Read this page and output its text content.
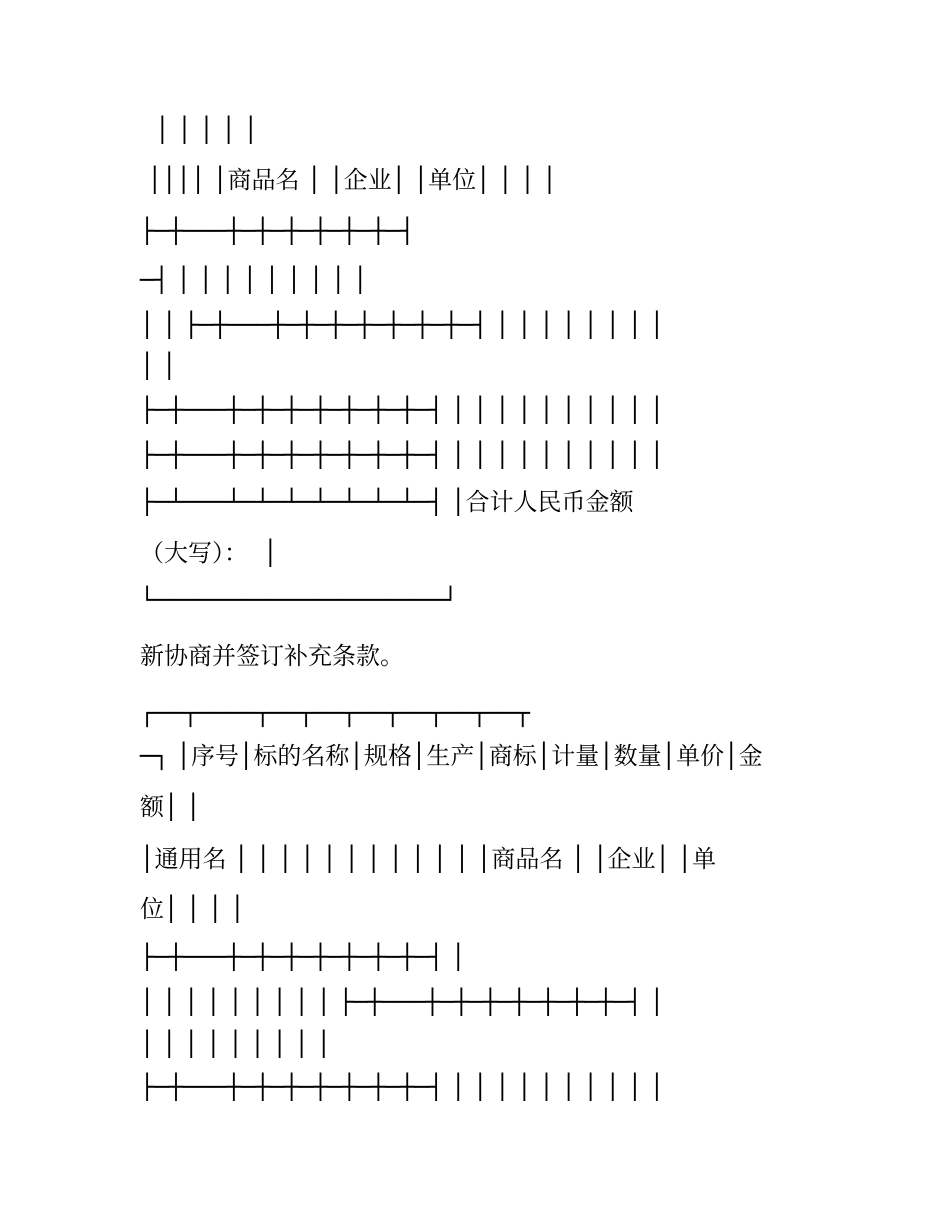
│ │ │ │ │
││││ │商品名 │ │企业│ │单位│ │ │ │
├─┼───┼─┼─┼─┼─┼─┼─┤
─┤ │ │ │ │ │ │ │ │ │
│ │ ├─┼───┼─┼─┼─┼─┼─┼─┼─┤ │ │ │ │ │ │ │ │
│ │
├─┼───┼─┼─┼─┼─┼─┼─┼─┤ │ │ │ │ │ │ │ │ │ │
├─┼───┼─┼─┼─┼─┼─┼─┼─┤ │ │ │ │ │ │ │ │ │ │
├─┴───┴─┴─┴─┴─┴─┴─┴─┤ │合计人民币金额
（大写）：  │
└────────────────────┘
新协商并签订补充条款。
┌──┬────┬──┬──┬──┬──┬──┬──┬
─┐ │序号│标的名称│规格│生产│商标│计量│数量│单价│金
额│ │
│通用名 │ │ │ │ │ │ │ │ │ │ │ │商品名 │ │企业│ │单
位│ │ │ │
├─┼───┼─┼─┼─┼─┼─┼─┼─┤ │
│ │ │ │ │ │ │ │ │ ├─┼───┼─┼─┼─┼─┼─┼─┼─┤ │
│ │ │ │ │ │ │ │ │
├─┼───┼─┼─┼─┼─┼─┼─┼─┤ │ │ │ │ │ │ │ │ │ │
